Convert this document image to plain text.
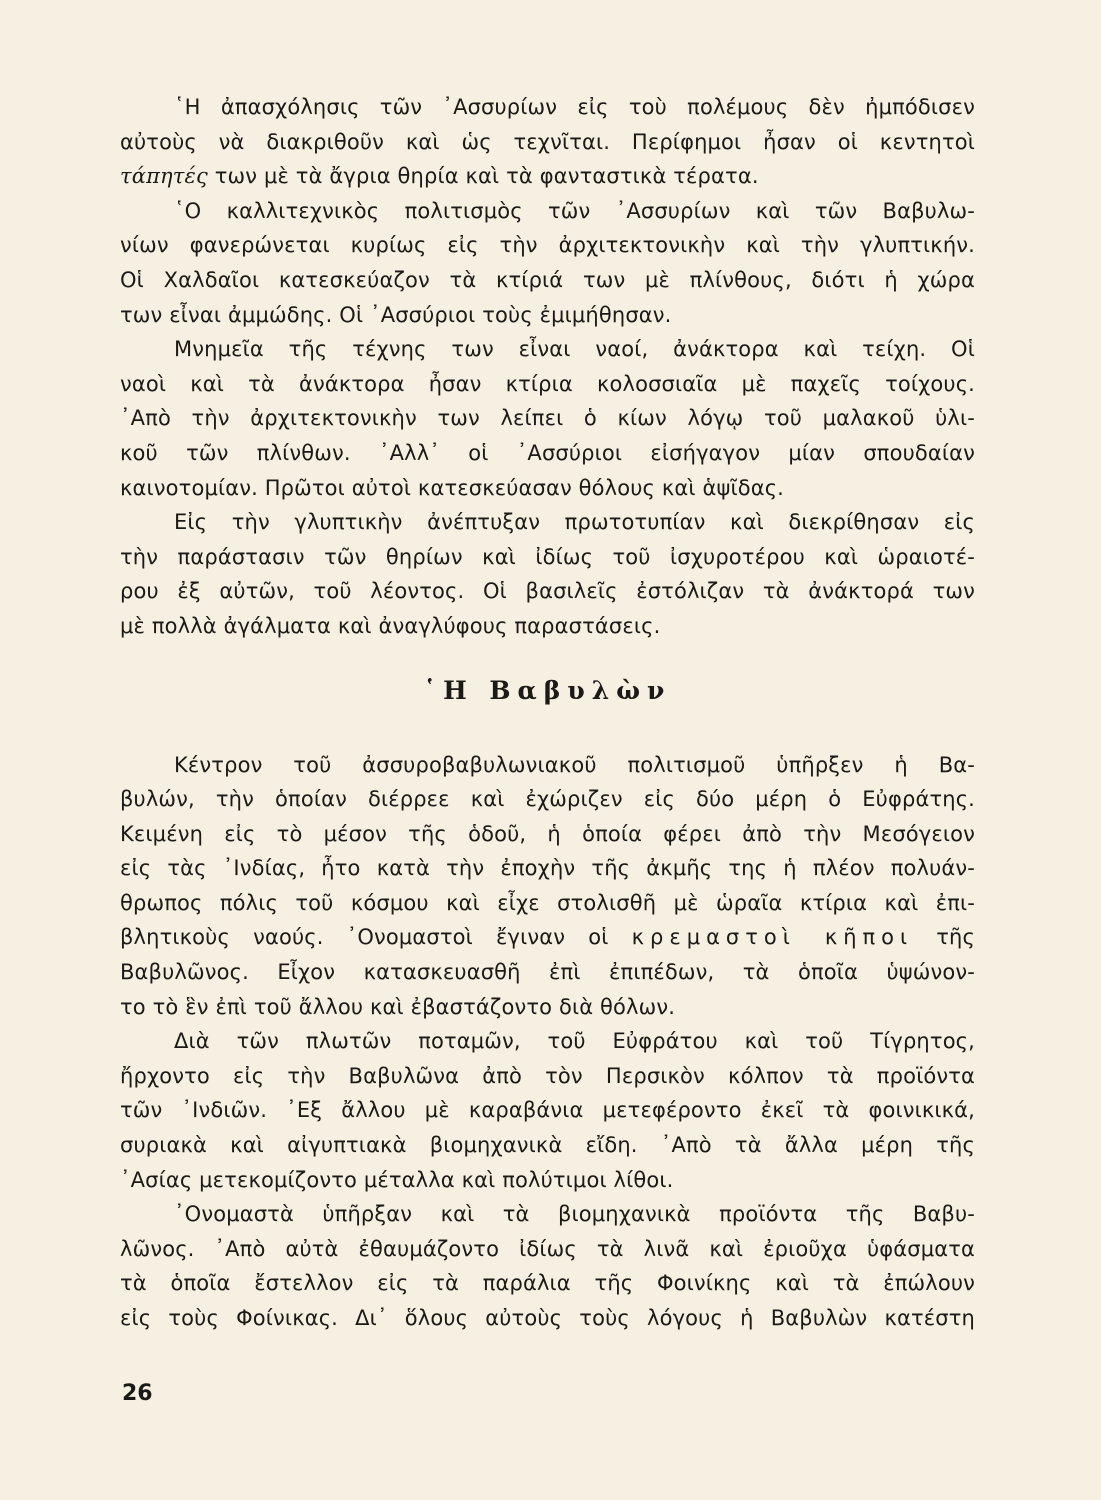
῾Η ἀπασχόλησις τῶν ᾿Ασσυρίων εἰς τοὺ πολέμους δὲν ἠμπόδισεν
αὐτοὺς νὰ διακριθοῦν καὶ ὡς τεχνῖται. Περίφημοι ἦσαν οἱ κεντητοὶ
τάπητές των μὲ τὰ ἄγρια θηρία καὶ τὰ φανταστικὰ τέρατα.
῾Ο καλλιτεχνικὸς πολιτισμὸς τῶν ᾿Ασσυρίων καὶ τῶν Βαβυλω-
νίων φανερώνεται κυρίως εἰς τὴν ἀρχιτεκτονικὴν καὶ τὴν γλυπτικήν.
Οἱ Χαλδαῖοι κατεσκεύαζον τὰ κτίριά των μὲ πλίνθους, διότι ἡ χώρα
των εἶναι ἀμμώδης. Οἱ ᾿Ασσύριοι τοὺς ἐμιμήθησαν.
Μνημεῖα τῆς τέχνης των εἶναι ναοί, ἀνάκτορα καὶ τείχη. Οἱ
ναοὶ καὶ τὰ ἀνάκτορα ἦσαν κτίρια κολοσσιαῖα μὲ παχεῖς τοίχους.
᾿Απὸ τὴν ἀρχιτεκτονικὴν των λείπει ὁ κίων λόγῳ τοῦ μαλακοῦ ὑλι-
κοῦ τῶν πλίνθων. ᾿Αλλ᾿ οἱ ᾿Ασσύριοι εἰσήγαγον μίαν σπουδαίαν
καινοτομίαν. Πρῶτοι αὐτοὶ κατεσκεύασαν θόλους καὶ ἁψῖδας.
Εἰς τὴν γλυπτικὴν ἀνέπτυξαν πρωτοτυπίαν καὶ διεκρίθησαν εἰς
τὴν παράστασιν τῶν θηρίων καὶ ἰδίως τοῦ ἰσχυροτέρου καὶ ὡραιοτέ-
ρου ἐξ αὐτῶν, τοῦ λέοντος. Οἱ βασιλεῖς ἐστόλιζαν τὰ ἀνάκτορά των
μὲ πολλὰ ἀγάλματα καὶ ἀναγλύφους παραστάσεις.
῾Η Βαβυλὼν
Κέντρον τοῦ ἀσσυροβαβυλωνιακοῦ πολιτισμοῦ ὑπῆρξεν ἡ Βα-
βυλών, τὴν ὁποίαν διέρρεε καὶ ἐχώριζεν εἰς δύο μέρη ὁ Εὐφράτης.
Κειμένη εἰς τὸ μέσον τῆς ὁδοῦ, ἡ ὁποία φέρει ἀπὸ τὴν Μεσόγειον
εἰς τὰς ᾿Ινδίας, ἦτο κατὰ τὴν ἐποχὴν τῆς ἀκμῆς της ἡ πλέον πολυάν-
θρωπος πόλις τοῦ κόσμου καὶ εἶχε στολισθῆ μὲ ὡραῖα κτίρια καὶ ἐπι-
βλητικοὺς ναούς. ᾿Ονομαστοὶ ἔγιναν οἱ κρεμαστοὶ κῆποι τῆς
Βαβυλῶνος. Εἶχον κατασκευασθῆ ἐπὶ ἐπιπέδων, τὰ ὁποῖα ὑψώνον-
το τὸ ἓν ἐπὶ τοῦ ἄλλου καὶ ἐβαστάζοντο διὰ θόλων.
Διὰ τῶν πλωτῶν ποταμῶν, τοῦ Εὐφράτου καὶ τοῦ Τίγρητος,
ἤρχοντο εἰς τὴν Βαβυλῶνα ἀπὸ τὸν Περσικὸν κόλπον τὰ προϊόντα
τῶν ᾿Ινδιῶν. ᾿Εξ ἄλλου μὲ καραβάνια μετεφέροντο ἐκεῖ τὰ φοινικικά,
συριακὰ καὶ αἰγυπτιακὰ βιομηχανικὰ εἴδη. ᾿Απὸ τὰ ἄλλα μέρη τῆς
᾿Ασίας μετεκομίζοντο μέταλλα καὶ πολύτιμοι λίθοι.
᾿Ονομαστὰ ὑπῆρξαν καὶ τὰ βιομηχανικὰ προϊόντα τῆς Βαβυ-
λῶνος. ᾿Απὸ αὐτὰ ἐθαυμάζοντο ἰδίως τὰ λινᾶ καὶ ἐριοῦχα ὑφάσματα
τὰ ὁποῖα ἔστελλον εἰς τὰ παράλια τῆς Φοινίκης καὶ τὰ ἐπώλουν
εἰς τοὺς Φοίνικας. Δι᾿ ὅλους αὐτοὺς τοὺς λόγους ἡ Βαβυλὼν κατέστη
26
